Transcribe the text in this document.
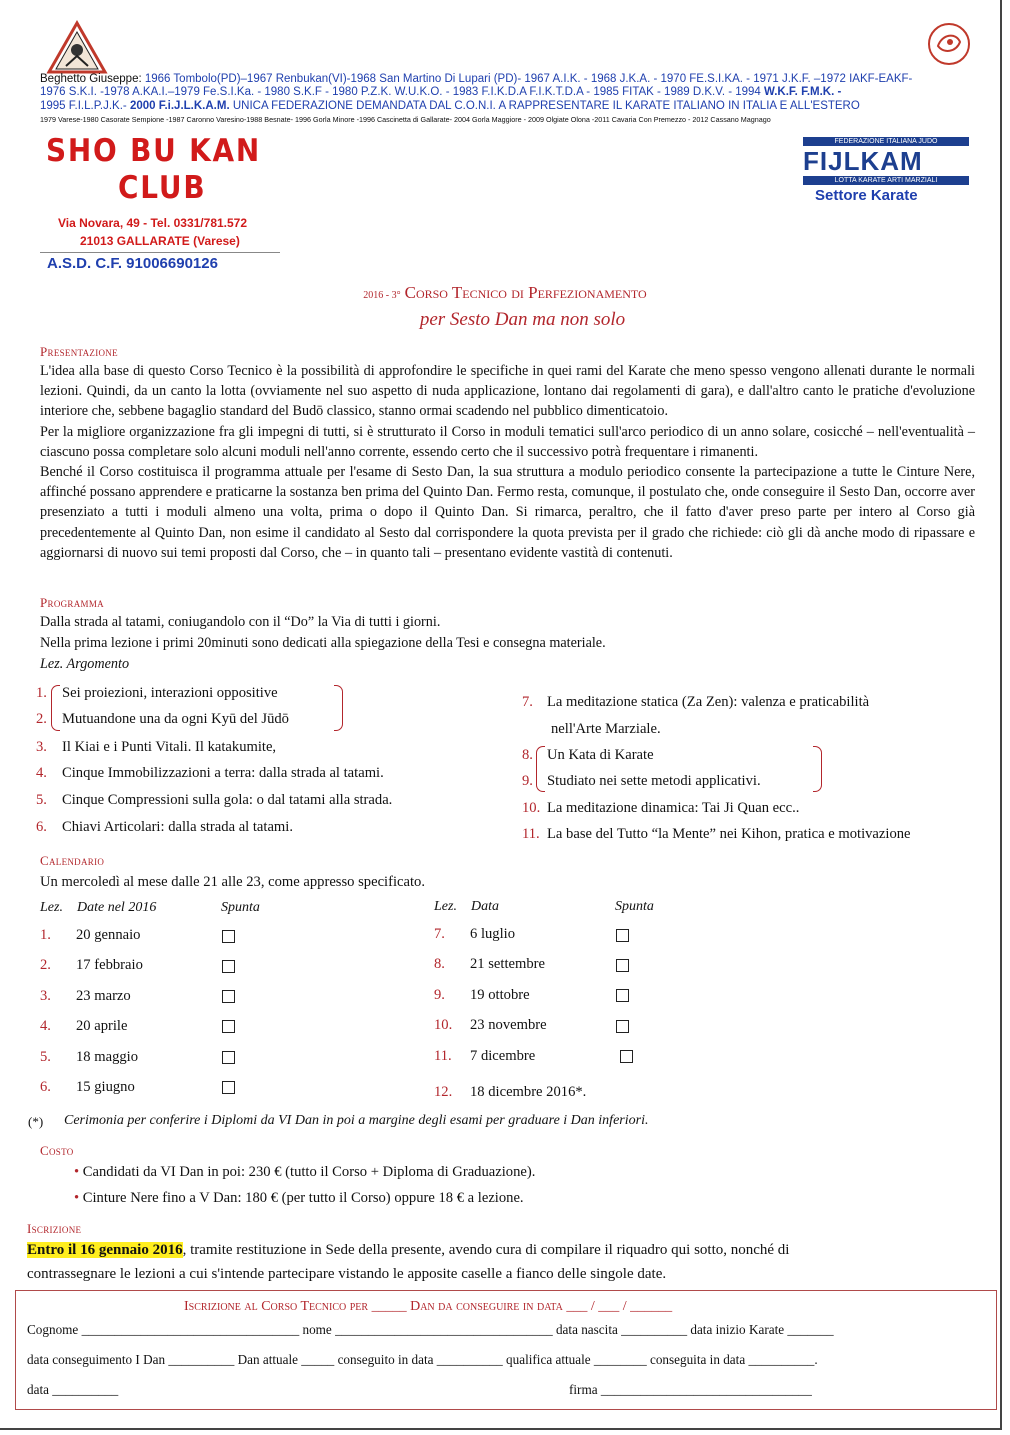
Beghetto Giuseppe: 1966 Tombolo(PD)–1967 Renbukan(VI)-1968 San Martino Di Lupari (PD)- 1967 A.I.K. - 1968 J.K.A. - 1970 FE.S.I.KA. - 1971 J.K.F. –1972 IAKF-EAKF-
1976 S.K.I. -1978 A.KA.I.–1979 Fe.S.I.Ka. - 1980 S.K.F - 1980 P.Z.K. W.U.K.O. - 1983 F.I.K.D.A F.I.K.T.D.A - 1985 FITAK - 1989 D.K.V. - 1994 W.K.F. F.M.K. -
1995 F.I.L.P.J.K.- 2000 F.i.J.L.K.A.M. UNICA FEDERAZIONE DEMANDATA DAL C.O.N.I. A RAPPRESENTARE IL KARATE ITALIANO IN ITALIA E ALL'ESTERO
1979 Varese-1980 Casorate Sempione -1987 Caronno Varesino-1988 Besnate- 1996 Gorla Minore -1996 Cascinetta di Gallarate- 2004 Gorla Maggiore - 2009 Olgiate Olona -2011 Cavaria Con Premezzo - 2012 Cassano Magnago
SHO BU KAN
CLUB
Via Novara, 49 - Tel. 0331/781.572
21013 GALLARATE (Varese)
A.S.D. C.F. 91006690126
FEDERAZIONE ITALIANA JUDO
FIJLKAM
LOTTA KARATE ARTI MARZIALI
Settore Karate
2016 - 3° Corso Tecnico di Perfezionamento
per Sesto Dan ma non solo
Presentazione
L'idea alla base di questo Corso Tecnico è la possibilità di approfondire le specifiche in quei rami del Karate che meno spesso vengono allenati durante le normali lezioni. Quindi, da un canto la lotta (ovviamente nel suo aspetto di nuda applicazione, lontano dai regolamenti di gara), e dall'altro canto le pratiche d'evoluzione interiore che, sebbene bagaglio standard del Budō classico, stanno ormai scadendo nel pubblico dimenticatoio.
Per la migliore organizzazione fra gli impegni di tutti, si è strutturato il Corso in moduli tematici sull'arco periodico di un anno solare, cosicché – nell'eventualità – ciascuno possa completare solo alcuni moduli nell'anno corrente, essendo certo che il successivo potrà frequentare i rimanenti.
Benché il Corso costituisca il programma attuale per l'esame di Sesto Dan, la sua struttura a modulo periodico consente la partecipazione a tutte le Cinture Nere, affinché possano apprendere e praticarne la sostanza ben prima del Quinto Dan. Fermo resta, comunque, il postulato che, onde conseguire il Sesto Dan, occorre aver presenziato a tutti i moduli almeno una volta, prima o dopo il Quinto Dan. Si rimarca, peraltro, che il fatto d'aver preso parte per intero al Corso già precedentemente al Quinto Dan, non esime il candidato al Sesto dal corrispondere la quota prevista per il grado che richiede: ciò gli dà anche modo di ripassare e aggiornarsi di nuovo sui temi proposti dal Corso, che – in quanto tali – presentano evidente vastità di contenuti.
Programma
Dalla strada al tatami, coniugandolo con il “Do” la Via di tutti i giorni.
Nella prima lezione i primi 20minuti sono dedicati alla spiegazione della Tesi e consegna materiale.
Lez. Argomento
1. Sei proiezioni, interazioni oppositive
2. Mutuandone una da ogni Kyū del Jūdō
3. Il Kiai e i Punti Vitali. Il katakumite,
4. Cinque Immobilizzazioni a terra: dalla strada al tatami.
5. Cinque Compressioni sulla gola: o dal tatami alla strada.
6. Chiavi Articolari: dalla strada al tatami.
7. La meditazione statica (Za Zen): valenza e praticabilità
nell'Arte Marziale.
8. Un Kata di Karate
9. Studiato nei sette metodi applicativi.
10. La meditazione dinamica: Tai Ji Quan ecc..
11. La base del Tutto “la Mente” nei Kihon, pratica e motivazione
Calendario
Un mercoledì al mese dalle 21 alle 23, come appresso specificato.
Lez. Date nel 2016	Spunta	Lez. Data	Spunta
1. 20 gennaio
2. 17 febbraio
3. 23 marzo
4. 20 aprile
5. 18 maggio
6. 15 giugno
7. 6 luglio
8. 21 settembre
9. 19 ottobre
10. 23 novembre
11. 7 dicembre
12. 18 dicembre 2016*.
(*) Cerimonia per conferire i Diplomi da VI Dan in poi a margine degli esami per graduare i Dan inferiori.
Costo
• Candidati da VI Dan in poi: 230 € (tutto il Corso + Diploma di Graduazione).
• Cinture Nere fino a V Dan: 180 € (per tutto il Corso) oppure 18 € a lezione.
Iscrizione
Entro il 16 gennaio 2016, tramite restituzione in Sede della presente, avendo cura di compilare il riquadro qui sotto, nonché di
contrassegnare le lezioni a cui s'intende partecipare vistando le apposite caselle a fianco delle singole date.
Iscrizione al Corso Tecnico per _____ Dan da conseguire in data ___ / ___ / ______
Cognome _________________________________ nome _________________________________ data nascita __________ data inizio Karate _______
data conseguimento I Dan __________ Dan attuale _____ conseguito in data __________ qualifica attuale ________ conseguita in data __________.
data __________	firma ________________________________
